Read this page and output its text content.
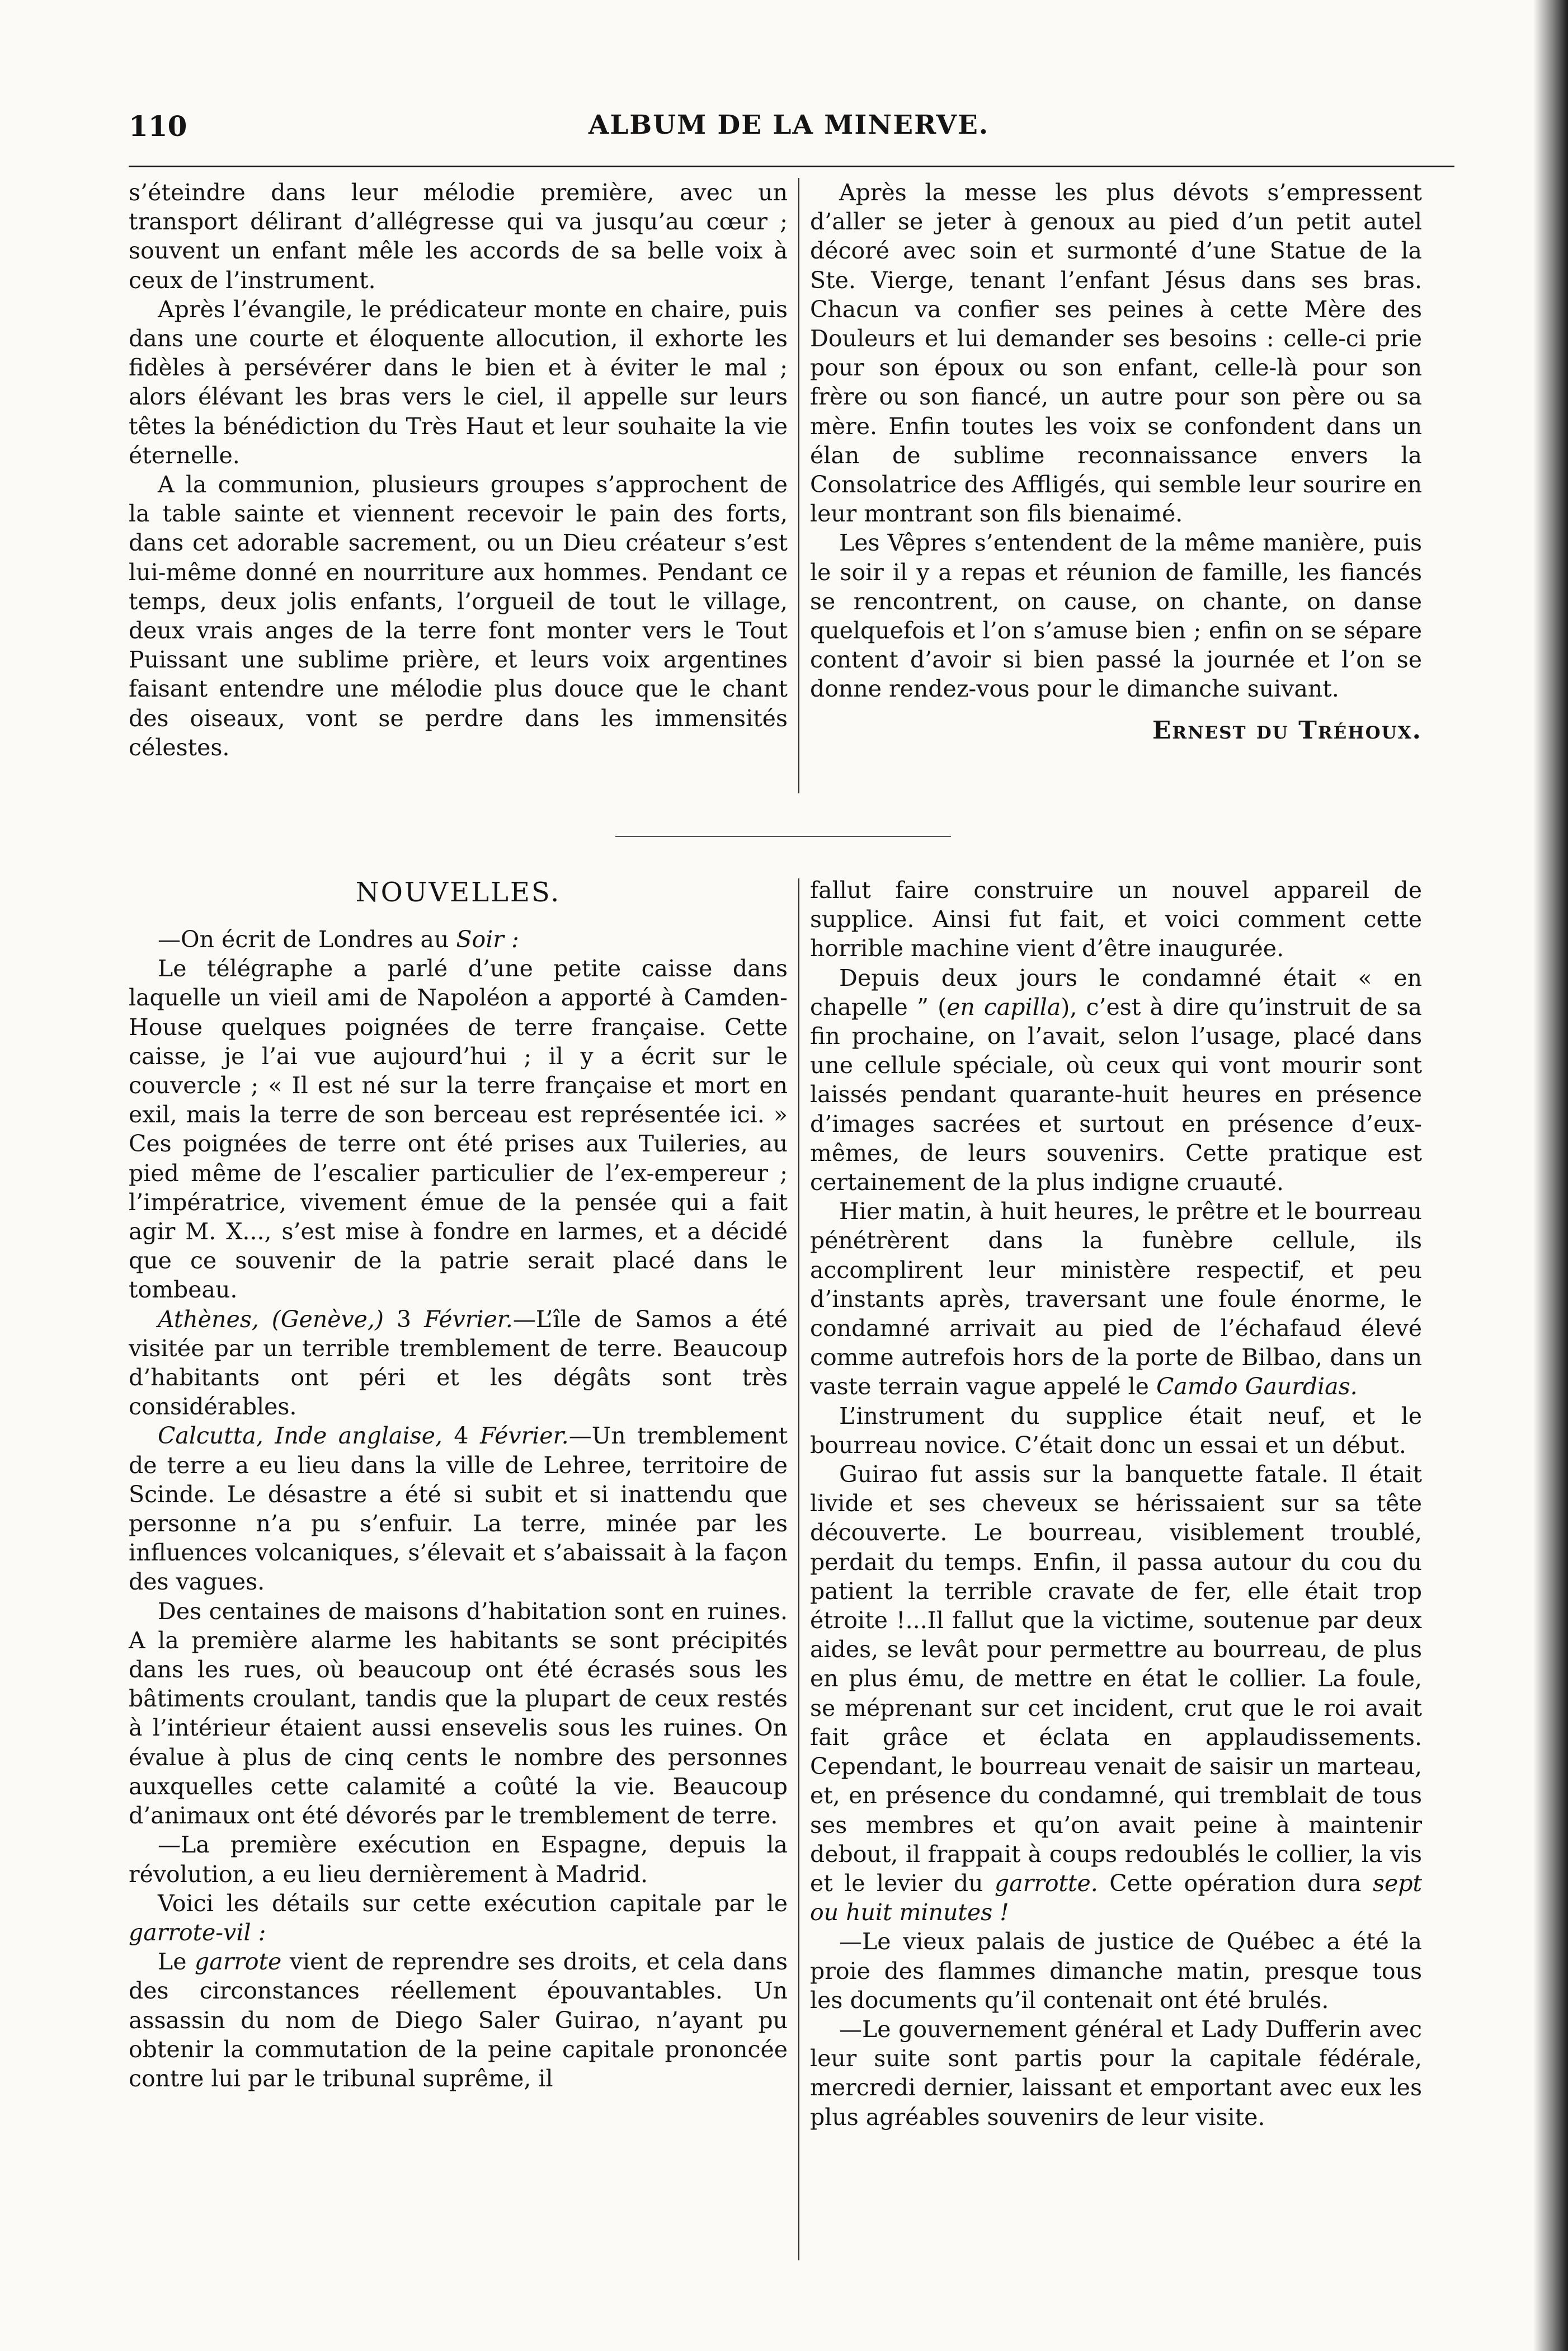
110	ALBUM DE LA MINERVE.

s’éteindre dans leur mélodie première, avec un transport délirant d’allégresse qui va jusqu’au cœur ; souvent un enfant mêle les accords de sa belle voix à ceux de l’instrument.

Après l’évangile, le prédicateur monte en chaire, puis dans une courte et éloquente allocution, il exhorte les fidèles à persévérer dans le bien et à éviter le mal ; alors élévant les bras vers le ciel, il appelle sur leurs têtes la bénédiction du Très Haut et leur souhaite la vie éternelle.

A la communion, plusieurs groupes s’approchent de la table sainte et viennent recevoir le pain des forts, dans cet adorable sacrement, ou un Dieu créateur s’est lui-même donné en nourriture aux hommes. Pendant ce temps, deux jolis enfants, l’orgueil de tout le village, deux vrais anges de la terre font monter vers le Tout Puissant une sublime prière, et leurs voix argentines faisant entendre une mélodie plus douce que le chant des oiseaux, vont se perdre dans les immensités célestes.

Après la messe les plus dévots s’empressent d’aller se jeter à genoux au pied d’un petit autel décoré avec soin et surmonté d’une Statue de la Ste. Vierge, tenant l’enfant Jésus dans ses bras. Chacun va confier ses peines à cette Mère des Douleurs et lui demander ses besoins : celle-ci prie pour son époux ou son enfant, celle-là pour son frère ou son fiancé, un autre pour son père ou sa mère. Enfin toutes les voix se confondent dans un élan de sublime reconnaissance envers la Consolatrice des Affligés, qui semble leur sourire en leur montrant son fils bienaimé.

Les Vêpres s’entendent de la même manière, puis le soir il y a repas et réunion de famille, les fiancés se rencontrent, on cause, on chante, on danse quelquefois et l’on s’amuse bien ; enfin on se sépare content d’avoir si bien passé la journée et l’on se donne rendez-vous pour le dimanche suivant.

Ernest du Tréhoux.

NOUVELLES.

—On écrit de Londres au Soir :

Le télégraphe a parlé d’une petite caisse dans laquelle un vieil ami de Napoléon a apporté à Camden-House quelques poignées de terre française. Cette caisse, je l’ai vue aujourd’hui ; il y a écrit sur le couvercle ; « Il est né sur la terre française et mort en exil, mais la terre de son berceau est représentée ici. » Ces poignées de terre ont été prises aux Tuileries, au pied même de l’escalier particulier de l’ex-empereur ; l’impératrice, vivement émue de la pensée qui a fait agir M. X..., s’est mise à fondre en larmes, et a décidé que ce souvenir de la patrie serait placé dans le tombeau.

Athènes, (Genève,) 3 Février.—L’île de Samos a été visitée par un terrible tremblement de terre. Beaucoup d’habitants ont péri et les dégâts sont très considérables.

Calcutta, Inde anglaise, 4 Février.—Un tremblement de terre a eu lieu dans la ville de Lehree, territoire de Scinde. Le désastre a été si subit et si inattendu que personne n’a pu s’enfuir. La terre, minée par les influences volcaniques, s’élevait et s’abaissait à la façon des vagues.

Des centaines de maisons d’habitation sont en ruines. A la première alarme les habitants se sont précipités dans les rues, où beaucoup ont été écrasés sous les bâtiments croulant, tandis que la plupart de ceux restés à l’intérieur étaient aussi ensevelis sous les ruines. On évalue à plus de cinq cents le nombre des personnes auxquelles cette calamité a coûté la vie. Beaucoup d’animaux ont été dévorés par le tremblement de terre.

—La première exécution en Espagne, depuis la révolution, a eu lieu dernièrement à Madrid.

Voici les détails sur cette exécution capitale par le garrote-vil :

Le garrote vient de reprendre ses droits, et cela dans des circonstances réellement épouvantables. Un assassin du nom de Diego Saler Guirao, n’ayant pu obtenir la commutation de la peine capitale prononcée contre lui par le tribunal suprême, il

fallut faire construire un nouvel appareil de supplice. Ainsi fut fait, et voici comment cette horrible machine vient d’être inaugurée.

Depuis deux jours le condamné était « en chapelle ” (en capilla), c’est à dire qu’instruit de sa fin prochaine, on l’avait, selon l’usage, placé dans une cellule spéciale, où ceux qui vont mourir sont laissés pendant quarante-huit heures en présence d’images sacrées et surtout en présence d’eux-mêmes, de leurs souvenirs. Cette pratique est certainement de la plus indigne cruauté.

Hier matin, à huit heures, le prêtre et le bourreau pénétrèrent dans la funèbre cellule, ils accomplirent leur ministère respectif, et peu d’instants après, traversant une foule énorme, le condamné arrivait au pied de l’échafaud élevé comme autrefois hors de la porte de Bilbao, dans un vaste terrain vague appelé le Camdo Gaurdias.

L’instrument du supplice était neuf, et le bourreau novice. C’était donc un essai et un début.

Guirao fut assis sur la banquette fatale. Il était livide et ses cheveux se hérissaient sur sa tête découverte. Le bourreau, visiblement troublé, perdait du temps. Enfin, il passa autour du cou du patient la terrible cravate de fer, elle était trop étroite !...Il fallut que la victime, soutenue par deux aides, se levât pour permettre au bourreau, de plus en plus ému, de mettre en état le collier. La foule, se méprenant sur cet incident, crut que le roi avait fait grâce et éclata en applaudissements. Cependant, le bourreau venait de saisir un marteau, et, en présence du condamné, qui tremblait de tous ses membres et qu’on avait peine à maintenir debout, il frappait à coups redoublés le collier, la vis et le levier du garrotte. Cette opération dura sept ou huit minutes !

—Le vieux palais de justice de Québec a été la proie des flammes dimanche matin, presque tous les documents qu’il contenait ont été brulés.

—Le gouvernement général et Lady Dufferin avec leur suite sont partis pour la capitale fédérale, mercredi dernier, laissant et emportant avec eux les plus agréables souvenirs de leur visite.
